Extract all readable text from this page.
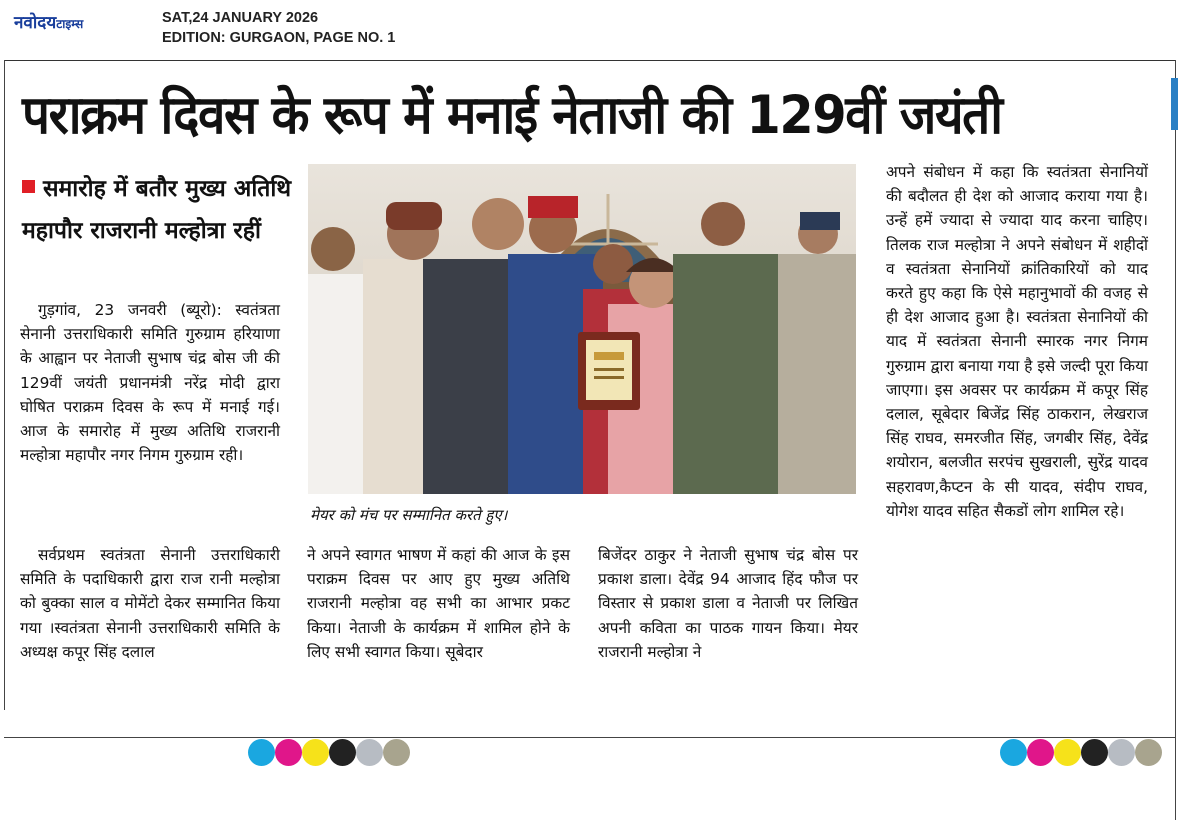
नवोदयटाइम्स	SAT,24 JANUARY 2026
EDITION: GURGAON, PAGE NO. 1
पराक्रम दिवस के रूप में मनाई नेताजी की 129वीं जयंती
समारोह में बतौर मुख्य अतिथि महापौर राजरानी मल्होत्रा रहीं

गुड़गांव, 23 जनवरी (ब्यूरो): स्वतंत्रता सेनानी उत्तराधिकारी समिति गुरुग्राम हरियाणा के आह्वान पर नेताजी सुभाष चंद्र बोस जी की 129वीं जयंती प्रधानमंत्री नरेंद्र मोदी द्वारा घोषित पराक्रम दिवस के रूप में मनाई गई। आज के समारोह में मुख्य अतिथि राजरानी मल्होत्रा महापौर नगर निगम गुरुग्राम रही।

सर्वप्रथम स्वतंत्रता सेनानी उत्तराधिकारी समिति के पदाधिकारी द्वारा राज रानी मल्होत्रा को बुक्का साल व मोमेंटो देकर सम्मानित किया गया ।स्वतंत्रता सेनानी उत्तराधिकारी समिति के अध्यक्ष कपूर सिंह दलाल

मेयर को मंच पर सम्मानित करते हुए।

ने अपने स्वागत भाषण में कहां की आज के इस पराक्रम दिवस पर आए हुए मुख्य अतिथि राजरानी मल्होत्रा वह सभी का आभार प्रकट किया। नेताजी के कार्यक्रम में शामिल होने के लिए सभी स्वागत किया। सूबेदार

बिजेंदर ठाकुर ने नेताजी सुभाष चंद्र बोस पर प्रकाश डाला। देवेंद्र 94 आजाद हिंद फौज पर विस्तार से प्रकाश डाला व नेताजी पर लिखित अपनी कविता का पाठक गायन किया। मेयर राजरानी मल्होत्रा ने

अपने संबोधन में कहा कि स्वतंत्रता सेनानियों की बदौलत ही देश को आजाद कराया गया है। उन्हें हमें ज्यादा से ज्यादा याद करना चाहिए। तिलक राज मल्होत्रा ने अपने संबोधन में शहीदों व स्वतंत्रता सेनानियों क्रांतिकारियों को याद करते हुए कहा कि ऐसे महानुभावों की वजह से ही देश आजाद हुआ है। स्वतंत्रता सेनानियों की याद में स्वतंत्रता सेनानी स्मारक नगर निगम गुरुग्राम द्वारा बनाया गया है इसे जल्दी पूरा किया जाएगा। इस अवसर पर कार्यक्रम में कपूर सिंह दलाल, सूबेदार बिजेंद्र सिंह ठाकरान, लेखराज सिंह राघव, समरजीत सिंह, जगबीर सिंह, देवेंद्र शयोरान, बलजीत सरपंच सुखराली, सुरेंद्र यादव सहरावण,कैप्टन के सी यादव, संदीप राघव, योगेश यादव सहित सैकडों लोग शामिल रहे।
